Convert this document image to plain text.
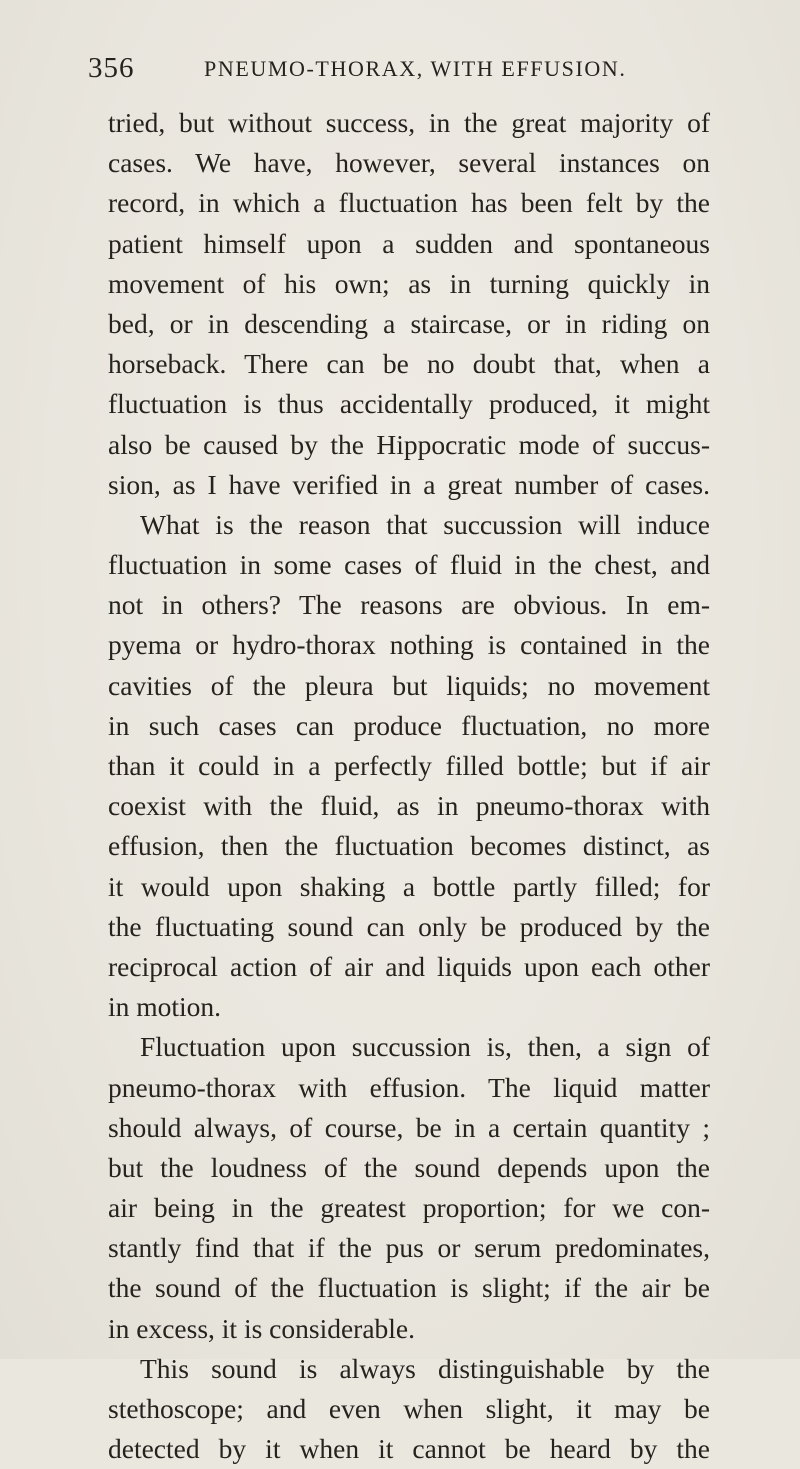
356	PNEUMO-THORAX, WITH EFFUSION.
tried, but without success, in the great majority of
cases. We have, however, several instances on
record, in which a fluctuation has been felt by the
patient himself upon a sudden and spontaneous
movement of his own; as in turning quickly in
bed, or in descending a staircase, or in riding on
horseback. There can be no doubt that, when a
fluctuation is thus accidentally produced, it might
also be caused by the Hippocratic mode of succus-
sion, as I have verified in a great number of cases.
What is the reason that succussion will induce
fluctuation in some cases of fluid in the chest, and
not in others? The reasons are obvious. In em-
pyema or hydro-thorax nothing is contained in the
cavities of the pleura but liquids; no movement
in such cases can produce fluctuation, no more
than it could in a perfectly filled bottle; but if air
coexist with the fluid, as in pneumo-thorax with
effusion, then the fluctuation becomes distinct, as
it would upon shaking a bottle partly filled; for
the fluctuating sound can only be produced by the
reciprocal action of air and liquids upon each other
in motion.
Fluctuation upon succussion is, then, a sign of
pneumo-thorax with effusion. The liquid matter
should always, of course, be in a certain quantity ;
but the loudness of the sound depends upon the
air being in the greatest proportion; for we con-
stantly find that if the pus or serum predominates,
the sound of the fluctuation is slight; if the air be
in excess, it is considerable.
This sound is always distinguishable by the
stethoscope; and even when slight, it may be
detected by it when it cannot be heard by the
